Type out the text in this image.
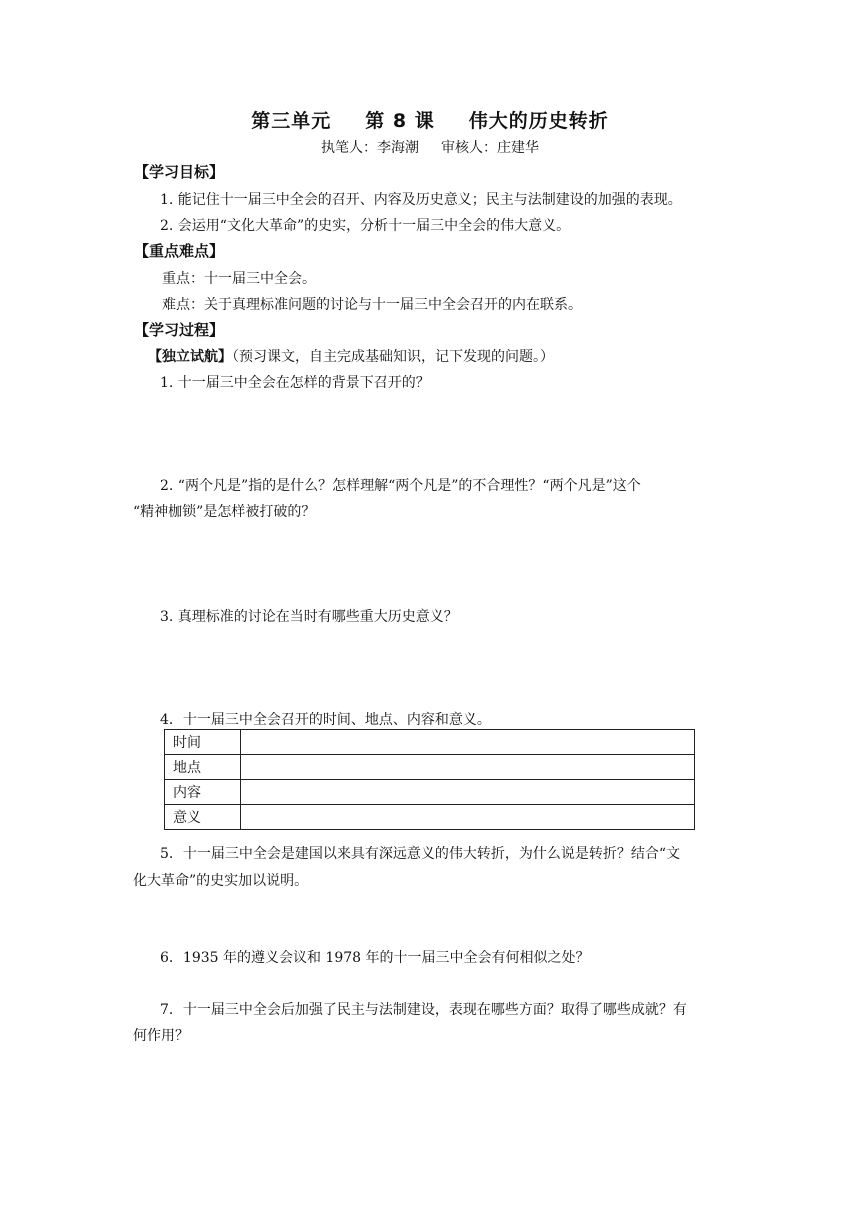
第三单元 第 8 课 伟大的历史转折
执笔人：李海潮 审核人：庄建华
【学习目标】
1. 能记住十一届三中全会的召开、内容及历史意义；民主与法制建设的加强的表现。
2. 会运用“文化大革命”的史实，分析十一届三中全会的伟大意义。
【重点难点】
重点：十一届三中全会。
难点：关于真理标准问题的讨论与十一届三中全会召开的内在联系。
【学习过程】
【独立试航】（预习课文，自主完成基础知识，记下发现的问题。）
1. 十一届三中全会在怎样的背景下召开的？
2. “两个凡是”指的是什么？怎样理解“两个凡是”的不合理性？“两个凡是”这个
“精神枷锁”是怎样被打破的？
3. 真理标准的讨论在当时有哪些重大历史意义？
4．十一届三中全会召开的时间、地点、内容和意义。
时间	
地点	
内容	
意义	
5．十一届三中全会是建国以来具有深远意义的伟大转折，为什么说是转折？结合“文
化大革命”的史实加以说明。
6．1935 年的遵义会议和 1978 年的十一届三中全会有何相似之处？
7．十一届三中全会后加强了民主与法制建设，表现在哪些方面？取得了哪些成就？有
何作用？
